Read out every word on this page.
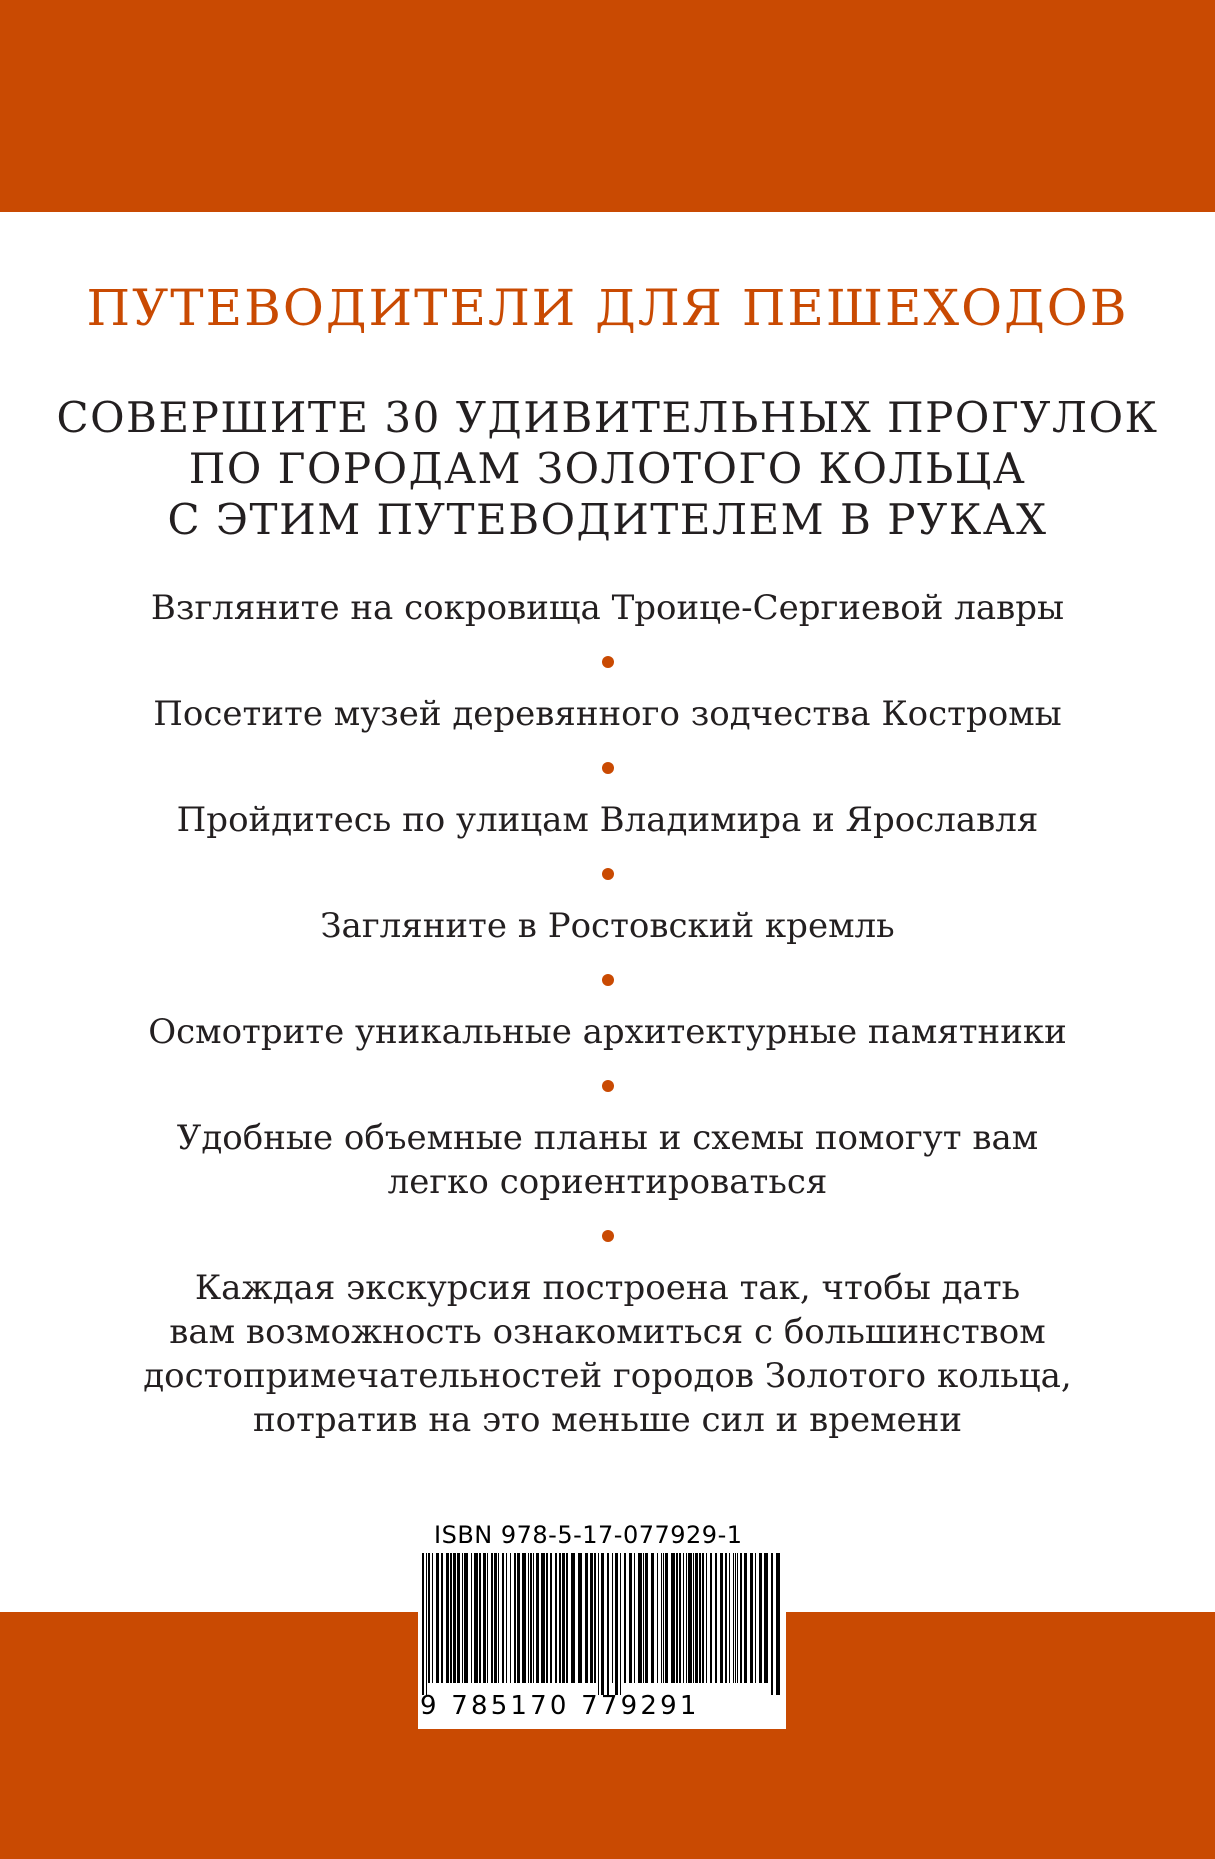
ПУТЕВОДИТЕЛИ ДЛЯ ПЕШЕХОДОВ
СОВЕРШИТЕ 30 УДИВИТЕЛЬНЫХ ПРОГУЛОК
ПО ГОРОДАМ ЗОЛОТОГО КОЛЬЦА
С ЭТИМ ПУТЕВОДИТЕЛЕМ В РУКАХ
Взгляните на сокровища Троице-Сергиевой лавры
Посетите музей деревянного зодчества Костромы
Пройдитесь по улицам Владимира и Ярославля
Загляните в Ростовский кремль
Осмотрите уникальные архитектурные памятники
Удобные объемные планы и схемы помогут вам
легко сориентироваться
Каждая экскурсия построена так, чтобы дать
вам возможность ознакомиться с большинством
достопримечательностей городов Золотого кольца,
потратив на это меньше сил и времени
ISBN 978-5-17-077929-1
9 785170 779291
